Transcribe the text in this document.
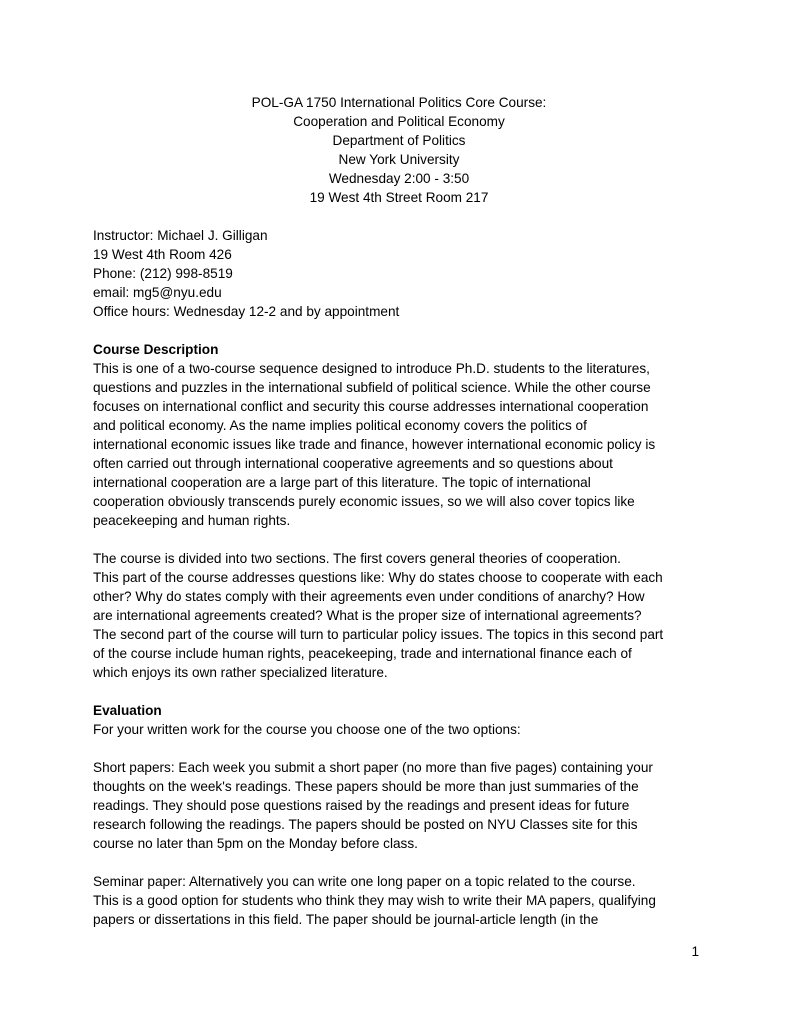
POL-GA 1750 International Politics Core Course:
Cooperation and Political Economy
Department of Politics
New York University
Wednesday 2:00 - 3:50
19 West 4th Street Room 217
Instructor: Michael J. Gilligan
19 West 4th Room 426
Phone: (212) 998-8519
email: mg5@nyu.edu
Office hours: Wednesday 12-2 and by appointment
Course Description
This is one of a two-course sequence designed to introduce Ph.D. students to the literatures,
questions and puzzles in the international subfield of political science. While the other course
focuses on international conflict and security this course addresses international cooperation
and political economy. As the name implies political economy covers the politics of
international economic issues like trade and finance, however international economic policy is
often carried out through international cooperative agreements and so questions about
international cooperation are a large part of this literature. The topic of international
cooperation obviously transcends purely economic issues, so we will also cover topics like
peacekeeping and human rights.
The course is divided into two sections. The first covers general theories of cooperation.
This part of the course addresses questions like: Why do states choose to cooperate with each
other? Why do states comply with their agreements even under conditions of anarchy? How
are international agreements created? What is the proper size of international agreements?
The second part of the course will turn to particular policy issues. The topics in this second part
of the course include human rights, peacekeeping, trade and international finance each of
which enjoys its own rather specialized literature.
Evaluation
For your written work for the course you choose one of the two options:
Short papers: Each week you submit a short paper (no more than five pages) containing your
thoughts on the week's readings. These papers should be more than just summaries of the
readings. They should pose questions raised by the readings and present ideas for future
research following the readings. The papers should be posted on NYU Classes site for this
course no later than 5pm on the Monday before class.
Seminar paper: Alternatively you can write one long paper on a topic related to the course.
This is a good option for students who think they may wish to write their MA papers, qualifying
papers or dissertations in this field. The paper should be journal-article length (in the
1
